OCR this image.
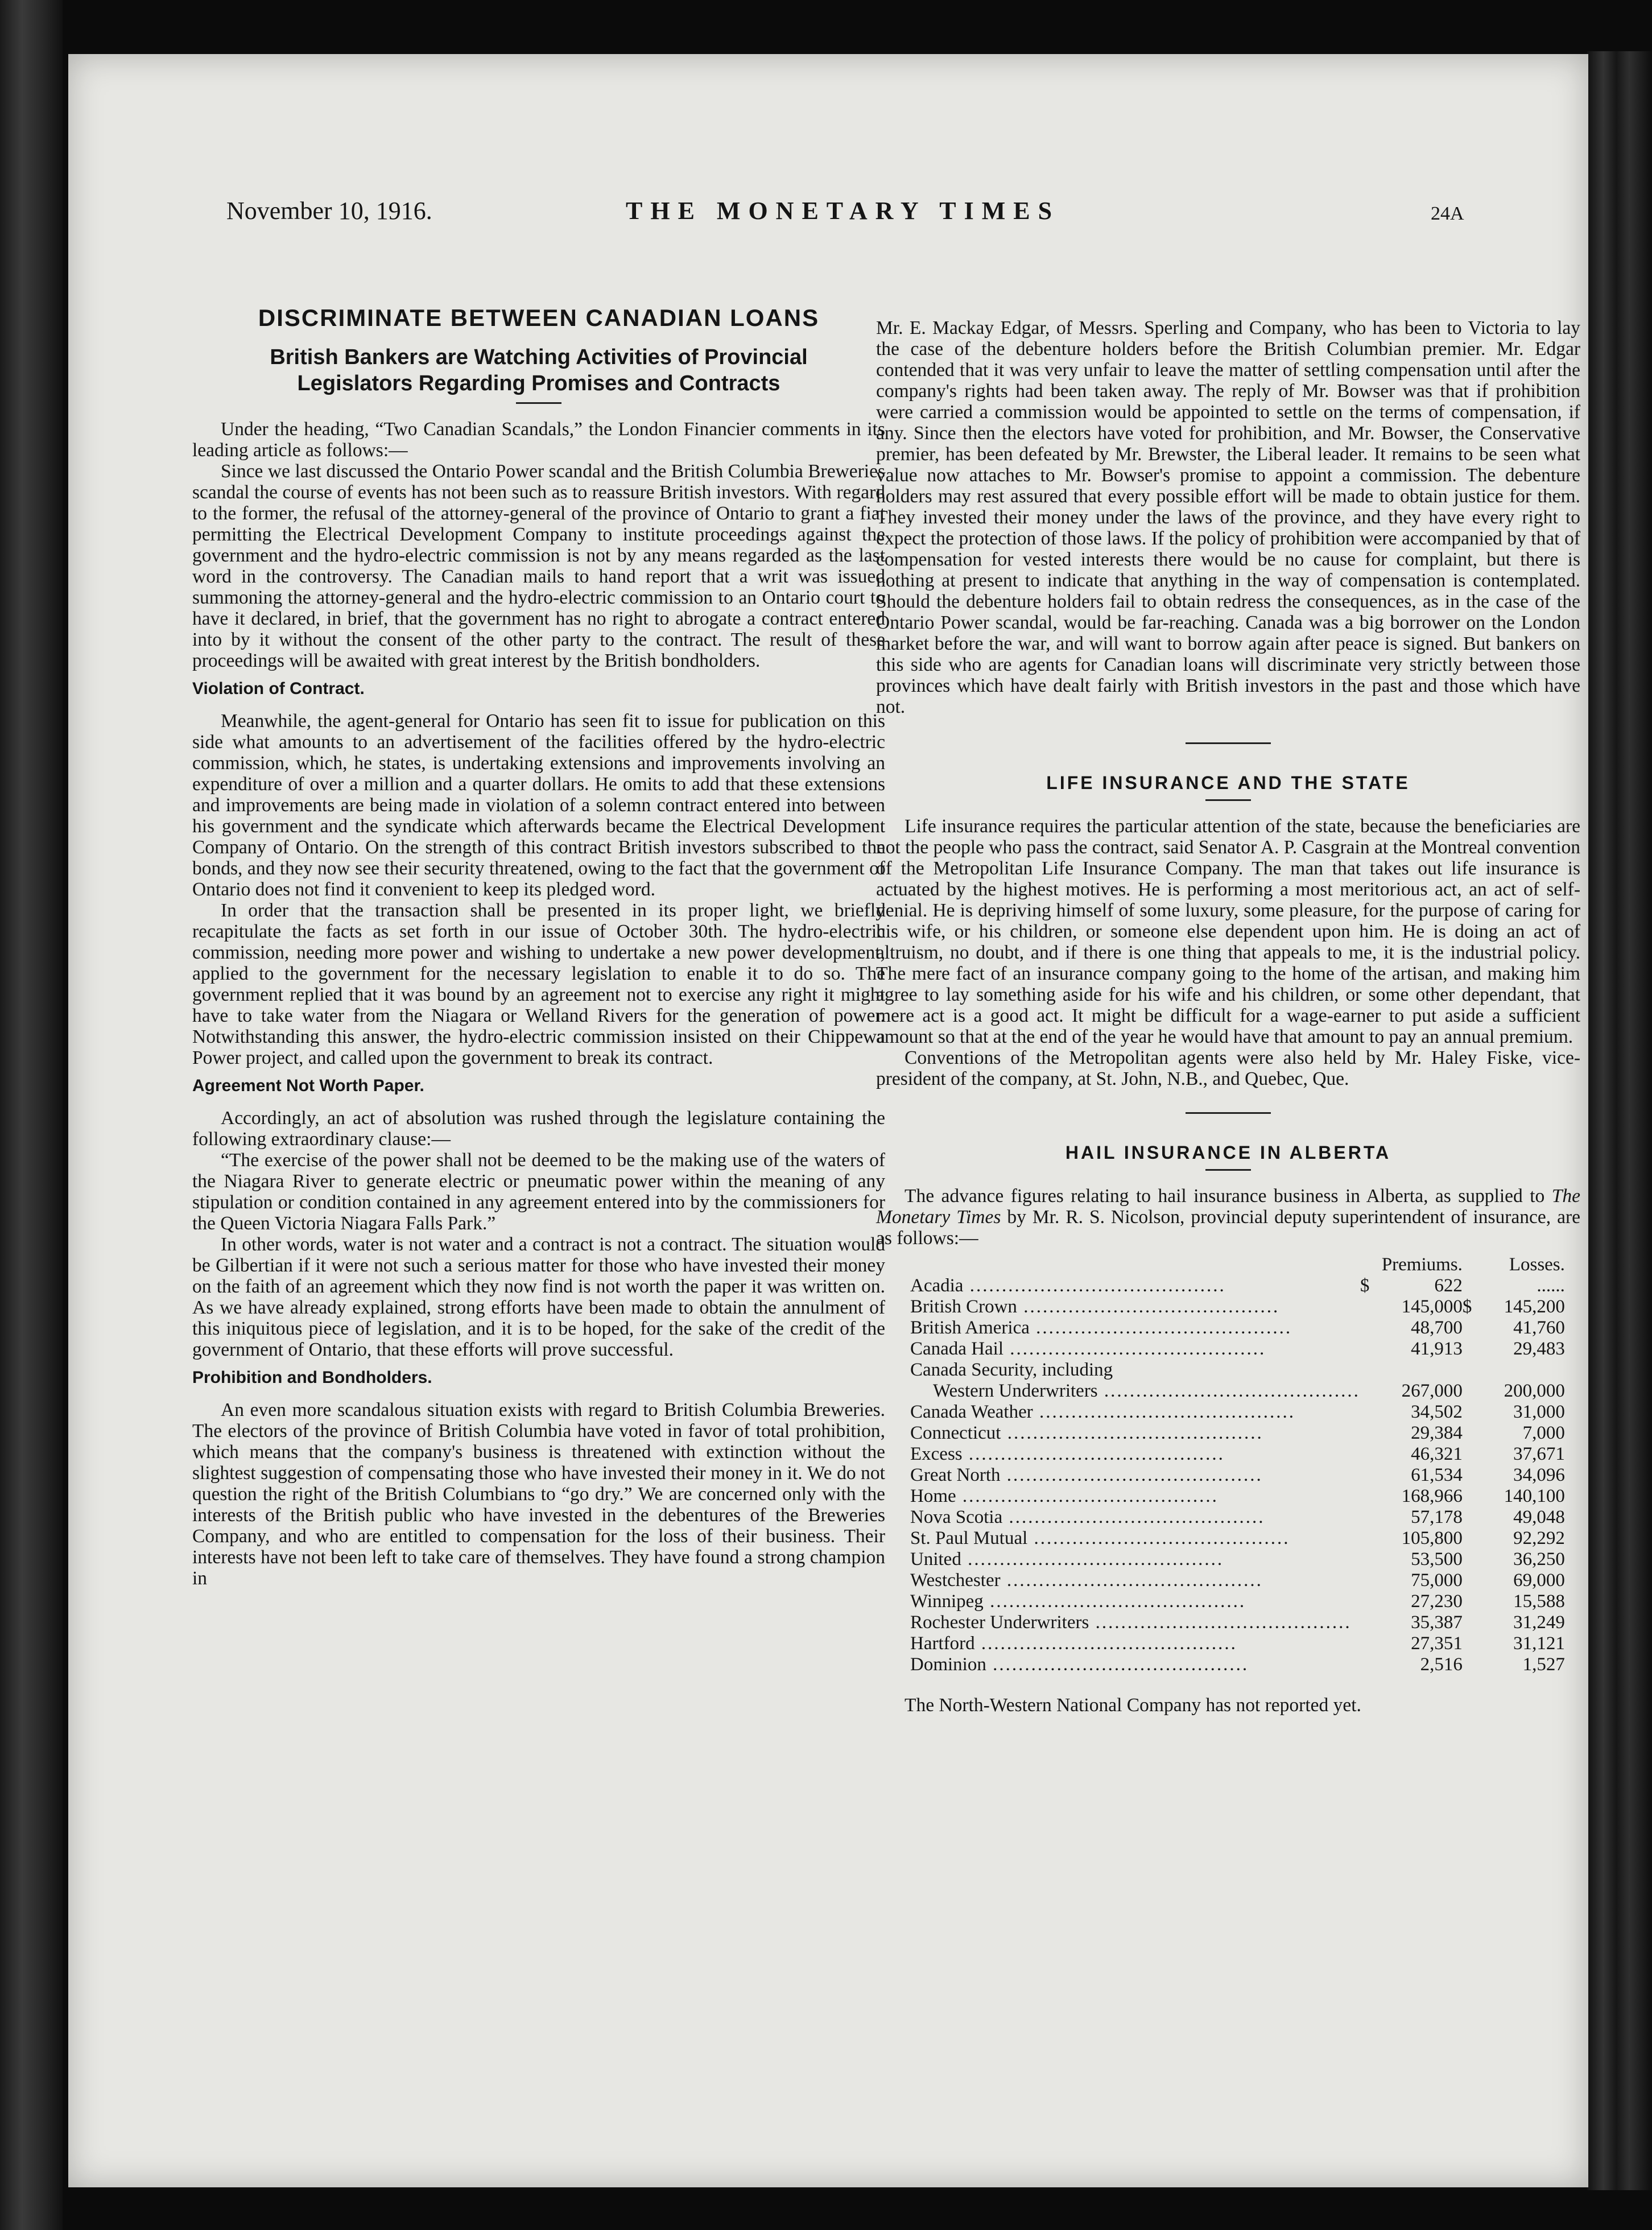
November 10, 1916.	THE MONETARY TIMES	24A
DISCRIMINATE BETWEEN CANADIAN LOANS
British Bankers are Watching Activities of Provincial
Legislators Regarding Promises and Contracts

Under the heading, “Two Canadian Scandals,” the London Financier comments in its leading article as follows:—

Since we last discussed the Ontario Power scandal and the British Columbia Breweries scandal the course of events has not been such as to reassure British investors. With regard to the former, the refusal of the attorney-general of the province of Ontario to grant a fiat permitting the Electrical Development Company to institute proceedings against the government and the hydro-electric commission is not by any means regarded as the last word in the controversy. The Canadian mails to hand report that a writ was issued summoning the attorney-general and the hydro-electric commission to an Ontario court to have it declared, in brief, that the government has no right to abrogate a contract entered into by it without the consent of the other party to the contract. The result of these proceedings will be awaited with great interest by the British bondholders.

Violation of Contract.

Meanwhile, the agent-general for Ontario has seen fit to issue for publication on this side what amounts to an advertisement of the facilities offered by the hydro-electric commission, which, he states, is undertaking extensions and improvements involving an expenditure of over a million and a quarter dollars. He omits to add that these extensions and improvements are being made in violation of a solemn contract entered into between his government and the syndicate which afterwards became the Electrical Development Company of Ontario. On the strength of this contract British investors subscribed to the bonds, and they now see their security threatened, owing to the fact that the government of Ontario does not find it convenient to keep its pledged word.

In order that the transaction shall be presented in its proper light, we briefly recapitulate the facts as set forth in our issue of October 30th. The hydro-electric commission, needing more power and wishing to undertake a new power development, applied to the government for the necessary legislation to enable it to do so. The government replied that it was bound by an agreement not to exercise any right it might have to take water from the Niagara or Welland Rivers for the generation of power. Notwithstanding this answer, the hydro-electric commission insisted on their Chippewa Power project, and called upon the government to break its contract.

Agreement Not Worth Paper.

Accordingly, an act of absolution was rushed through the legislature containing the following extraordinary clause:—

“The exercise of the power shall not be deemed to be the making use of the waters of the Niagara River to generate electric or pneumatic power within the meaning of any stipulation or condition contained in any agreement entered into by the commissioners for the Queen Victoria Niagara Falls Park.”

In other words, water is not water and a contract is not a contract. The situation would be Gilbertian if it were not such a serious matter for those who have invested their money on the faith of an agreement which they now find is not worth the paper it was written on. As we have already explained, strong efforts have been made to obtain the annulment of this iniquitous piece of legislation, and it is to be hoped, for the sake of the credit of the government of Ontario, that these efforts will prove successful.

Prohibition and Bondholders.

An even more scandalous situation exists with regard to British Columbia Breweries. The electors of the province of British Columbia have voted in favor of total prohibition, which means that the company's business is threatened with extinction without the slightest suggestion of compensating those who have invested their money in it. We do not question the right of the British Columbians to “go dry.” We are concerned only with the interests of the British public who have invested in the debentures of the Breweries Company, and who are entitled to compensation for the loss of their business. Their interests have not been left to take care of themselves. They have found a strong champion in

Mr. E. Mackay Edgar, of Messrs. Sperling and Company, who has been to Victoria to lay the case of the debenture holders before the British Columbian premier. Mr. Edgar contended that it was very unfair to leave the matter of settling compensation until after the company's rights had been taken away. The reply of Mr. Bowser was that if prohibition were carried a commission would be appointed to settle on the terms of compensation, if any. Since then the electors have voted for prohibition, and Mr. Bowser, the Conservative premier, has been defeated by Mr. Brewster, the Liberal leader. It remains to be seen what value now attaches to Mr. Bowser's promise to appoint a commission. The debenture holders may rest assured that every possible effort will be made to obtain justice for them. They invested their money under the laws of the province, and they have every right to expect the protection of those laws. If the policy of prohibition were accompanied by that of compensation for vested interests there would be no cause for complaint, but there is nothing at present to indicate that anything in the way of compensation is contemplated. Should the debenture holders fail to obtain redress the consequences, as in the case of the Ontario Power scandal, would be far-reaching. Canada was a big borrower on the London market before the war, and will want to borrow again after peace is signed. But bankers on this side who are agents for Canadian loans will discriminate very strictly between those provinces which have dealt fairly with British investors in the past and those which have not.

LIFE INSURANCE AND THE STATE

Life insurance requires the particular attention of the state, because the beneficiaries are not the people who pass the contract, said Senator A. P. Casgrain at the Montreal convention of the Metropolitan Life Insurance Company. The man that takes out life insurance is actuated by the highest motives. He is performing a most meritorious act, an act of self-denial. He is depriving himself of some luxury, some pleasure, for the purpose of caring for his wife, or his children, or someone else dependent upon him. He is doing an act of altruism, no doubt, and if there is one thing that appeals to me, it is the industrial policy. The mere fact of an insurance company going to the home of the artisan, and making him agree to lay something aside for his wife and his children, or some other dependant, that mere act is a good act. It might be difficult for a wage-earner to put aside a sufficient amount so that at the end of the year he would have that amount to pay an annual premium.

Conventions of the Metropolitan agents were also held by Mr. Haley Fiske, vice-president of the company, at St. John, N.B., and Quebec, Que.

HAIL INSURANCE IN ALBERTA

The advance figures relating to hail insurance business in Alberta, as supplied to The Monetary Times by Mr. R. S. Nicolson, provincial deputy superintendent of insurance, are as follows:—

		Premiums.		Losses.
Acadia ........................................	$	622		......
British Crown ........................................		145,000	$	145,200
British America ........................................		48,700		41,760
Canada Hail ........................................		41,913		29,483
Canada Security, including				
Western Underwriters ........................................		267,000		200,000
Canada Weather ........................................		34,502		31,000
Connecticut ........................................		29,384		7,000
Excess ........................................		46,321		37,671
Great North ........................................		61,534		34,096
Home ........................................		168,966		140,100
Nova Scotia ........................................		57,178		49,048
St. Paul Mutual ........................................		105,800		92,292
United ........................................		53,500		36,250
Westchester ........................................		75,000		69,000
Winnipeg ........................................		27,230		15,588
Rochester Underwriters ........................................		35,387		31,249
Hartford ........................................		27,351		31,121
Dominion ........................................		2,516		1,527

The North-Western National Company has not reported yet.
